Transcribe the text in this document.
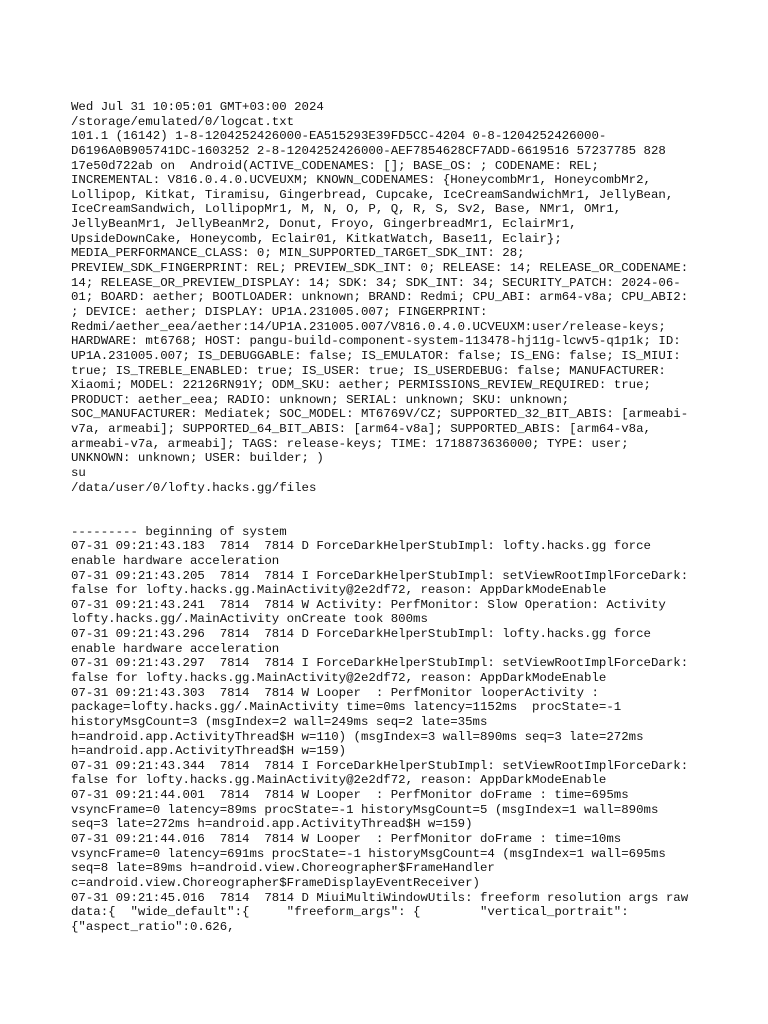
Wed Jul 31 10:05:01 GMT+03:00 2024
/storage/emulated/0/logcat.txt
101.1 (16142) 1-8-1204252426000-EA515293E39FD5CC-4204 0-8-1204252426000-
D6196A0B905741DC-1603252 2-8-1204252426000-AEF7854628CF7ADD-6619516 57237785 828
17e50d722ab on  Android(ACTIVE_CODENAMES: []; BASE_OS: ; CODENAME: REL;
INCREMENTAL: V816.0.4.0.UCVEUXM; KNOWN_CODENAMES: {HoneycombMr1, HoneycombMr2,
Lollipop, Kitkat, Tiramisu, Gingerbread, Cupcake, IceCreamSandwichMr1, JellyBean,
IceCreamSandwich, LollipopMr1, M, N, O, P, Q, R, S, Sv2, Base, NMr1, OMr1,
JellyBeanMr1, JellyBeanMr2, Donut, Froyo, GingerbreadMr1, EclairMr1,
UpsideDownCake, Honeycomb, Eclair01, KitkatWatch, Base11, Eclair};
MEDIA_PERFORMANCE_CLASS: 0; MIN_SUPPORTED_TARGET_SDK_INT: 28;
PREVIEW_SDK_FINGERPRINT: REL; PREVIEW_SDK_INT: 0; RELEASE: 14; RELEASE_OR_CODENAME:
14; RELEASE_OR_PREVIEW_DISPLAY: 14; SDK: 34; SDK_INT: 34; SECURITY_PATCH: 2024-06-
01; BOARD: aether; BOOTLOADER: unknown; BRAND: Redmi; CPU_ABI: arm64-v8a; CPU_ABI2:
; DEVICE: aether; DISPLAY: UP1A.231005.007; FINGERPRINT:
Redmi/aether_eea/aether:14/UP1A.231005.007/V816.0.4.0.UCVEUXM:user/release-keys;
HARDWARE: mt6768; HOST: pangu-build-component-system-113478-hj11g-lcwv5-q1p1k; ID:
UP1A.231005.007; IS_DEBUGGABLE: false; IS_EMULATOR: false; IS_ENG: false; IS_MIUI:
true; IS_TREBLE_ENABLED: true; IS_USER: true; IS_USERDEBUG: false; MANUFACTURER:
Xiaomi; MODEL: 22126RN91Y; ODM_SKU: aether; PERMISSIONS_REVIEW_REQUIRED: true;
PRODUCT: aether_eea; RADIO: unknown; SERIAL: unknown; SKU: unknown;
SOC_MANUFACTURER: Mediatek; SOC_MODEL: MT6769V/CZ; SUPPORTED_32_BIT_ABIS: [armeabi-
v7a, armeabi]; SUPPORTED_64_BIT_ABIS: [arm64-v8a]; SUPPORTED_ABIS: [arm64-v8a,
armeabi-v7a, armeabi]; TAGS: release-keys; TIME: 1718873636000; TYPE: user;
UNKNOWN: unknown; USER: builder; )
su
/data/user/0/lofty.hacks.gg/files
--------- beginning of system
07-31 09:21:43.183  7814  7814 D ForceDarkHelperStubImpl: lofty.hacks.gg force
enable hardware acceleration
07-31 09:21:43.205  7814  7814 I ForceDarkHelperStubImpl: setViewRootImplForceDark:
false for lofty.hacks.gg.MainActivity@2e2df72, reason: AppDarkModeEnable
07-31 09:21:43.241  7814  7814 W Activity: PerfMonitor: Slow Operation: Activity
lofty.hacks.gg/.MainActivity onCreate took 800ms
07-31 09:21:43.296  7814  7814 D ForceDarkHelperStubImpl: lofty.hacks.gg force
enable hardware acceleration
07-31 09:21:43.297  7814  7814 I ForceDarkHelperStubImpl: setViewRootImplForceDark:
false for lofty.hacks.gg.MainActivity@2e2df72, reason: AppDarkModeEnable
07-31 09:21:43.303  7814  7814 W Looper  : PerfMonitor looperActivity :
package=lofty.hacks.gg/.MainActivity time=0ms latency=1152ms  procState=-1
historyMsgCount=3 (msgIndex=2 wall=249ms seq=2 late=35ms
h=android.app.ActivityThread$H w=110) (msgIndex=3 wall=890ms seq=3 late=272ms
h=android.app.ActivityThread$H w=159)
07-31 09:21:43.344  7814  7814 I ForceDarkHelperStubImpl: setViewRootImplForceDark:
false for lofty.hacks.gg.MainActivity@2e2df72, reason: AppDarkModeEnable
07-31 09:21:44.001  7814  7814 W Looper  : PerfMonitor doFrame : time=695ms
vsyncFrame=0 latency=89ms procState=-1 historyMsgCount=5 (msgIndex=1 wall=890ms
seq=3 late=272ms h=android.app.ActivityThread$H w=159)
07-31 09:21:44.016  7814  7814 W Looper  : PerfMonitor doFrame : time=10ms
vsyncFrame=0 latency=691ms procState=-1 historyMsgCount=4 (msgIndex=1 wall=695ms
seq=8 late=89ms h=android.view.Choreographer$FrameHandler
c=android.view.Choreographer$FrameDisplayEventReceiver)
07-31 09:21:45.016  7814  7814 D MiuiMultiWindowUtils: freeform resolution args raw
data:{  "wide_default":{     "freeform_args": {        "vertical_portrait":
{"aspect_ratio":0.626,
